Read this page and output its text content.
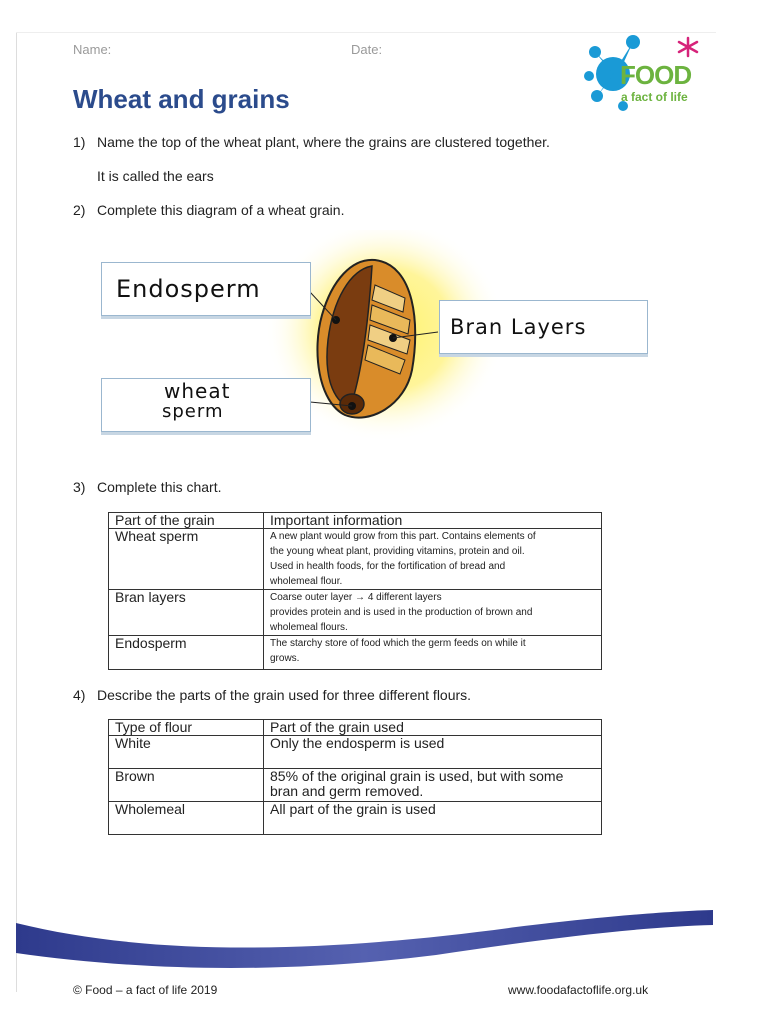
Name:	Date:
FOOD
a fact of life
Wheat and grains
1) Name the top of the wheat plant, where the grains are clustered together.
It is called the ears
2) Complete this diagram of a wheat grain.
Endosperm
Bran Layers
wheat
sperm
3) Complete this chart.
Part of the grain	Important information
Wheat sperm	A new plant would grow from this part. Contains elements of
the young wheat plant, providing vitamins, protein and oil.
Used in health foods, for the fortification of bread and
wholemeal flour.

Bran layers	Coarse outer layer → 4 different layers
provides protein and is used in the production of brown and
wholemeal flours.

Endosperm	The starchy store of food which the germ feeds on while it
grows.
4) Describe the parts of the grain used for three different flours.
Type of flour	Part of the grain used
White	Only the endosperm is used

Brown	85% of the original grain is used, but with some
bran and germ removed.

Wholemeal	All part of the grain is used
© Food – a fact of life 2019	www.foodafactoflife.org.uk
